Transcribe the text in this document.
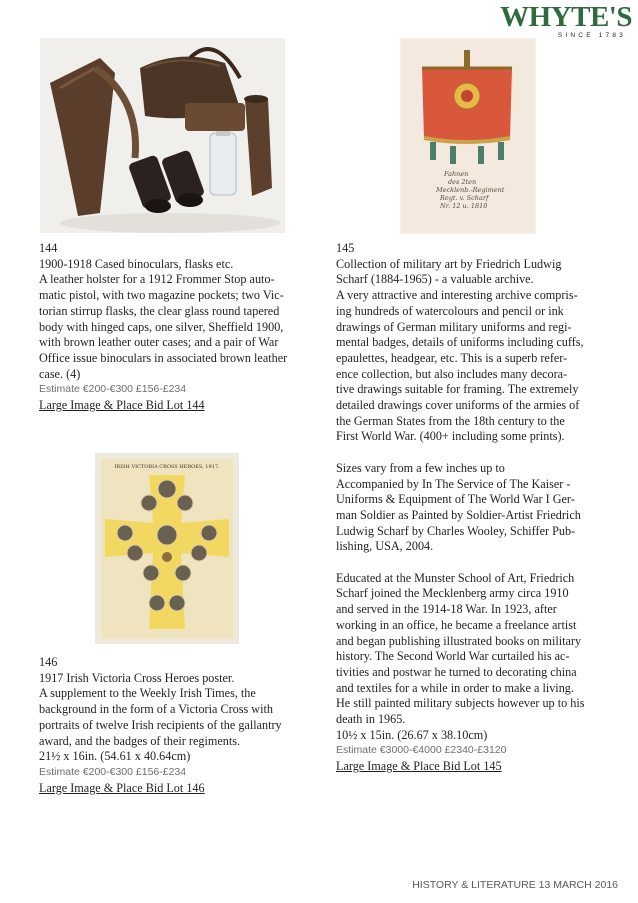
WHYTE'S
SINCE 1783
Fahnen
des 2ten
Mecklenb.-Regiment
Regt. v. Scharf
Nr. 12 u. 1810
IRISH VICTORIA CROSS HEROES, 1917.

144

1900-1918 Cased binoculars, flasks etc.

A leather holster for a 1912 Frommer Stop auto-

matic pistol, with two magazine pockets; two Vic-

torian stirrup flasks, the clear glass round tapered

body with hinged caps, one silver, Sheffield 1900,

with brown leather outer cases; and a pair of War

Office issue binoculars in associated brown leather

case. (4)

Estimate €200-€300 £156-£234

Large Image & Place Bid Lot 144

145

Collection of military art by Friedrich Ludwig

Scharf (1884-1965) - a valuable archive.

A very attractive and interesting archive compris-

ing hundreds of watercolours and pencil or ink

drawings of German military uniforms and regi-

mental badges, details of uniforms including cuffs,

epaulettes, headgear, etc. This is a superb refer-

ence collection, but also includes many decora-

tive drawings suitable for framing. The extremely

detailed drawings cover uniforms of the armies of

the German States from the 18th century to the

First World War. (400+ including some prints).

Sizes vary from a few inches up to

Accompanied by In The Service of The Kaiser -

Uniforms & Equipment of The World War I Ger-

man Soldier as Painted by Soldier-Artist Friedrich

Ludwig Scharf by Charles Wooley, Schiffer Pub-

lishing, USA, 2004.

Educated at the Munster School of Art, Friedrich

Scharf joined the Mecklenberg army circa 1910

and served in the 1914-18 War. In 1923, after

working in an office, he became a freelance artist

and began publishing illustrated books on military

history. The Second World War curtailed his ac-

tivities and postwar he turned to decorating china

and textiles for a while in order to make a living.

He still painted military subjects however up to his

death in 1965.

10½ x 15in. (26.67 x 38.10cm)

Estimate €3000-€4000 £2340-£3120

Large Image & Place Bid Lot 145

146

1917 Irish Victoria Cross Heroes poster.

A supplement to the Weekly Irish Times, the

background in the form of a Victoria Cross with

portraits of twelve Irish recipients of the gallantry

award, and the badges of their regiments.

21½ x 16in. (54.61 x 40.64cm)

Estimate €200-€300 £156-£234

Large Image & Place Bid Lot 146

HISTORY & LITERATURE 13 MARCH 2016
